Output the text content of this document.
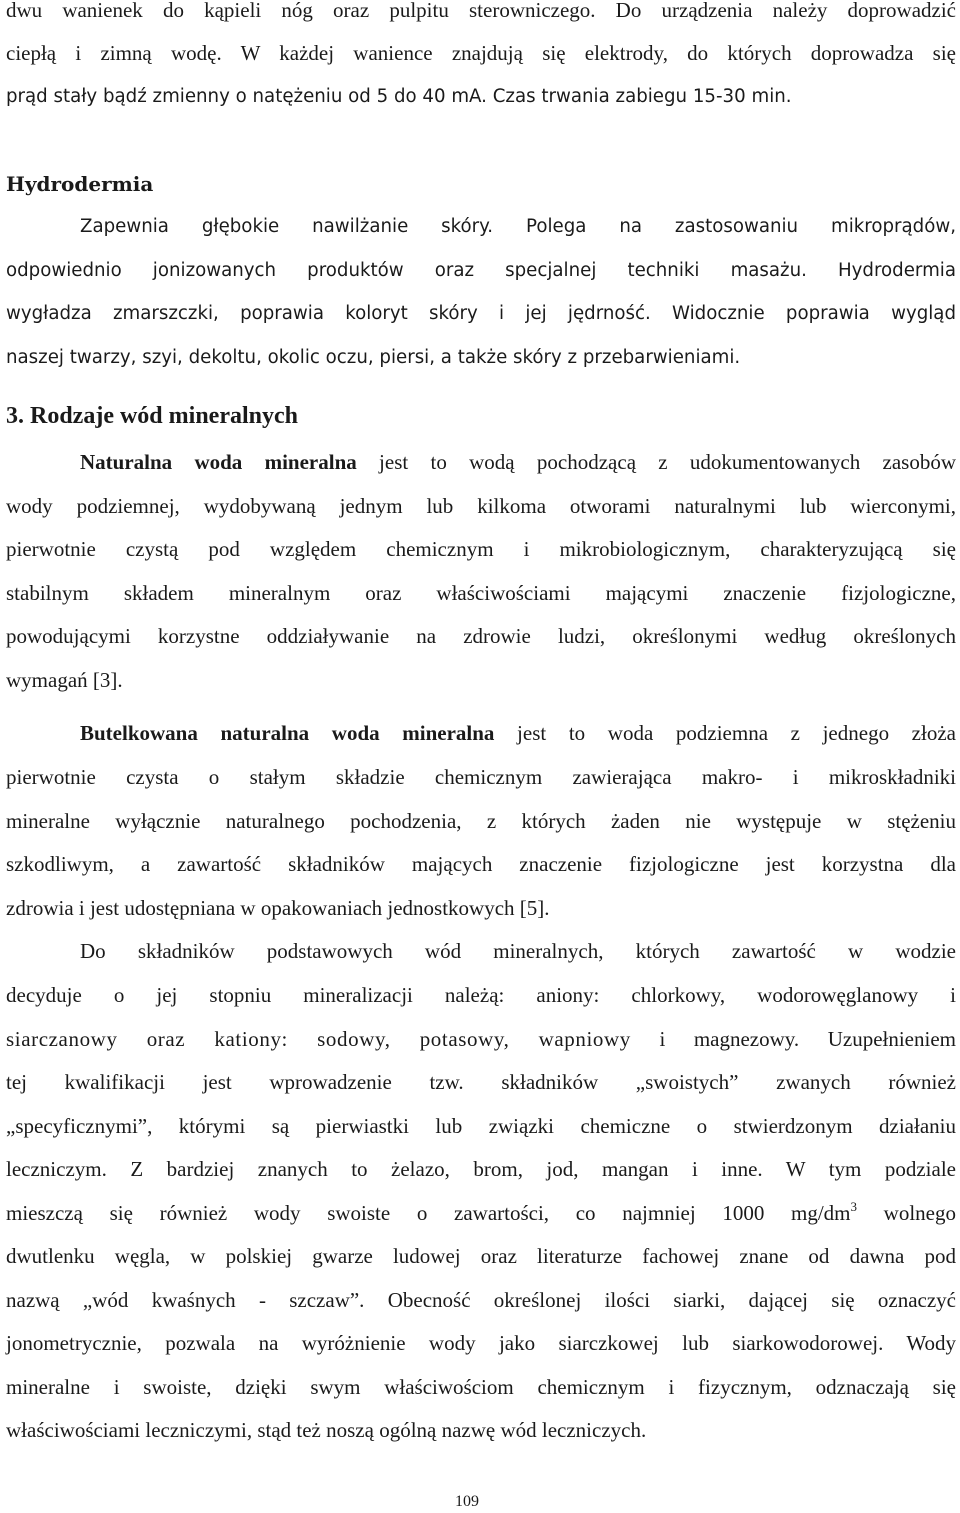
dwu wanienek do kąpieli nóg oraz pulpitu sterowniczego. Do urządzenia należy doprowadzić
ciepłą i zimną wodę. W każdej wanience znajdują się elektrody, do których doprowadza się
prąd stały bądź zmienny o natężeniu od 5 do 40 mA. Czas trwania zabiegu 15-30 min.
Hydrodermia
Zapewnia głębokie nawilżanie skóry. Polega na zastosowaniu mikroprądów,
odpowiednio jonizowanych produktów oraz specjalnej techniki masażu. Hydrodermia
wygładza zmarszczki, poprawia koloryt skóry i jej jędrność. Widocznie poprawia wygląd
naszej twarzy, szyi, dekoltu, okolic oczu, piersi, a także skóry z przebarwieniami.
3. Rodzaje wód mineralnych
Naturalna woda mineralna jest to wodą pochodzącą z udokumentowanych zasobów
wody podziemnej, wydobywaną jednym lub kilkoma otworami naturalnymi lub wierconymi,
pierwotnie czystą pod względem chemicznym i mikrobiologicznym, charakteryzującą się
stabilnym składem mineralnym oraz właściwościami mającymi znaczenie fizjologiczne,
powodującymi korzystne oddziaływanie na zdrowie ludzi, określonymi według określonych
wymagań [3].
Butelkowana naturalna woda mineralna jest to woda podziemna z jednego złoża
pierwotnie czysta o stałym składzie chemicznym zawierająca makro- i mikroskładniki
mineralne wyłącznie naturalnego pochodzenia, z których żaden nie występuje w stężeniu
szkodliwym, a zawartość składników mających znaczenie fizjologiczne jest korzystna dla
zdrowia i jest udostępniana w opakowaniach jednostkowych [5].
Do składników podstawowych wód mineralnych, których zawartość w wodzie
decyduje o jej stopniu mineralizacji należą: aniony: chlorkowy, wodorowęglanowy i
siarczanowy oraz kationy: sodowy, potasowy, wapniowy i magnezowy. Uzupełnieniem
tej kwalifikacji jest wprowadzenie tzw. składników „swoistych” zwanych również
„specyficznymi”, którymi są pierwiastki lub związki chemiczne o stwierdzonym działaniu
leczniczym. Z bardziej znanych to żelazo, brom, jod, mangan i inne. W tym podziale
mieszczą się również wody swoiste o zawartości, co najmniej 1000 $mg/dm^3$ wolnego
dwutlenku węgla, w polskiej gwarze ludowej oraz literaturze fachowej znane od dawna pod
nazwą „wód kwaśnych - szczaw”. Obecność określonej ilości siarki, dającej się oznaczyć
jonometrycznie, pozwala na wyróżnienie wody jako siarczkowej lub siarkowodorowej. Wody
mineralne i swoiste, dzięki swym właściwościom chemicznym i fizycznym, odznaczają się
właściwościami leczniczymi, stąd też noszą ogólną nazwę wód leczniczych.
109
